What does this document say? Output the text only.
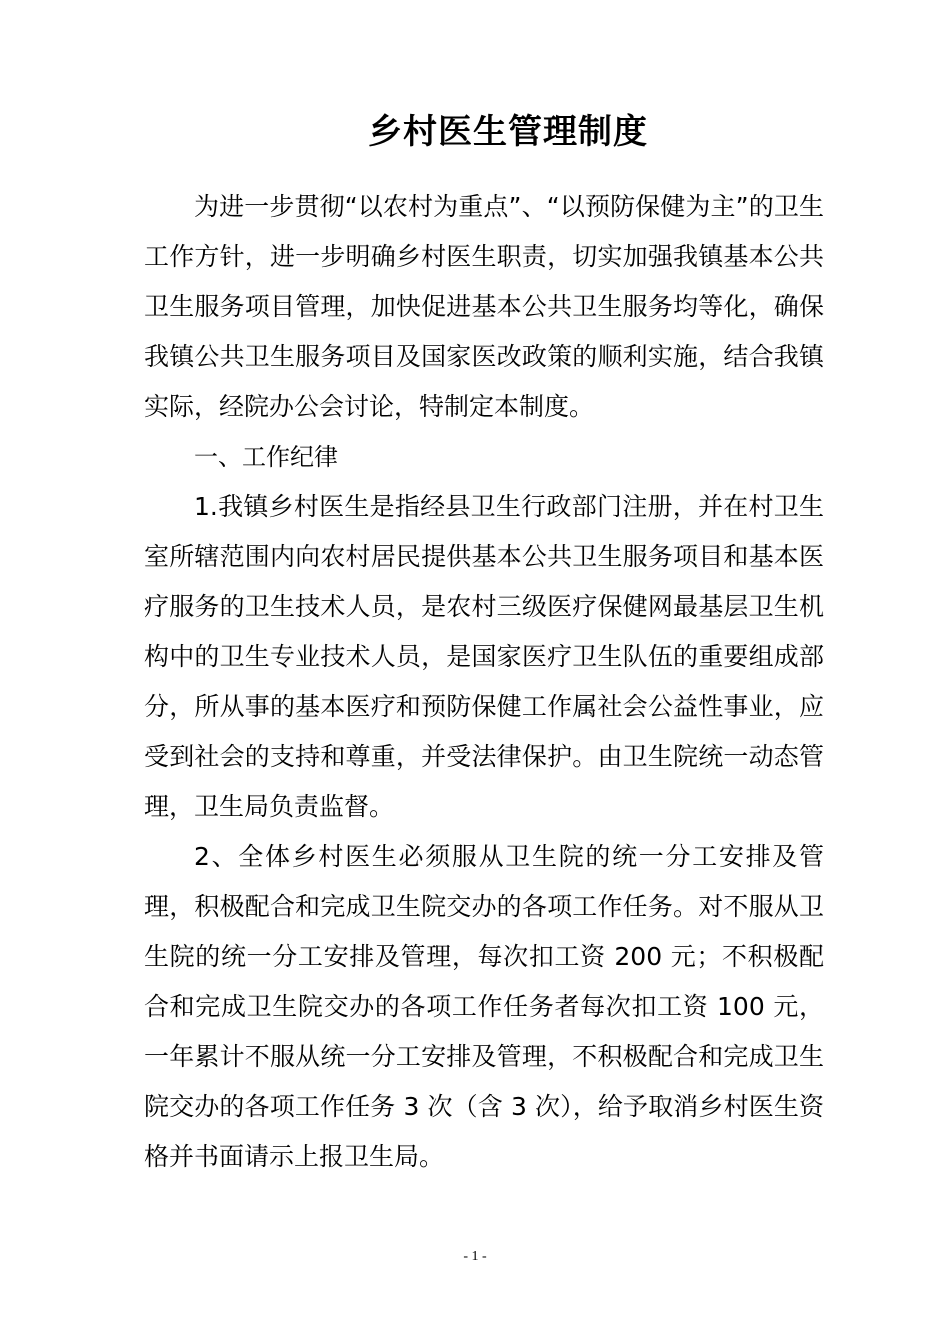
乡村医生管理制度

为进一步贯彻“以农村为重点”、“以预防保健为主”的卫生工作方针，进一步明确乡村医生职责，切实加强我镇基本公共卫生服务项目管理，加快促进基本公共卫生服务均等化，确保我镇公共卫生服务项目及国家医改政策的顺利实施，结合我镇实际，经院办公会讨论，特制定本制度。

一、工作纪律

1.我镇乡村医生是指经县卫生行政部门注册，并在村卫生室所辖范围内向农村居民提供基本公共卫生服务项目和基本医疗服务的卫生技术人员，是农村三级医疗保健网最基层卫生机构中的卫生专业技术人员，是国家医疗卫生队伍的重要组成部分，所从事的基本医疗和预防保健工作属社会公益性事业，应受到社会的支持和尊重，并受法律保护。由卫生院统一动态管理，卫生局负责监督。

2、全体乡村医生必须服从卫生院的统一分工安排及管理，积极配合和完成卫生院交办的各项工作任务。对不服从卫生院的统一分工安排及管理，每次扣工资 200 元；不积极配合和完成卫生院交办的各项工作任务者每次扣工资 100 元，一年累计不服从统一分工安排及管理，不积极配合和完成卫生院交办的各项工作任务 3 次（含 3 次），给予取消乡村医生资格并书面请示上报卫生局。

- 1 -
